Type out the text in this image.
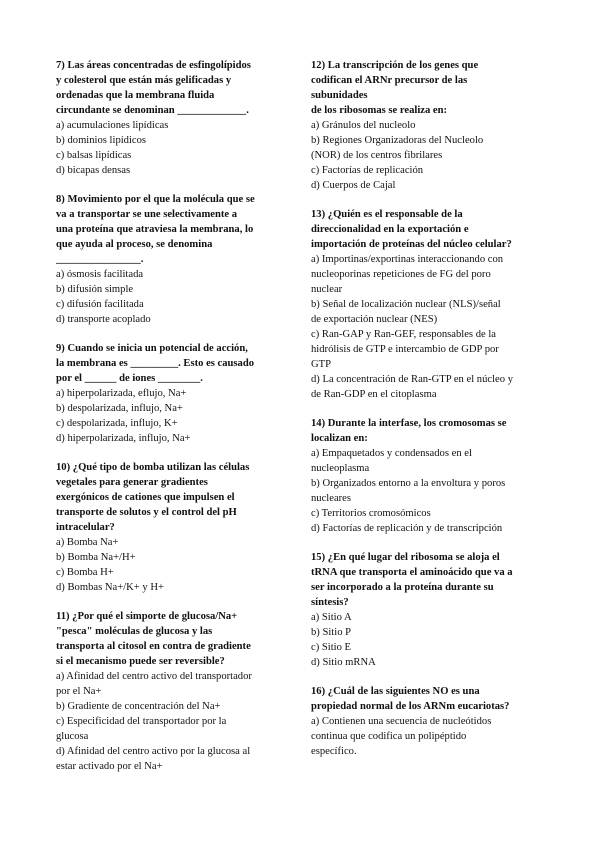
7) Las áreas concentradas de esfingolípidos
y colesterol que están más gelificadas y
ordenadas que la membrana fluida
circundante se denominan _____________.

a) acumulaciones lipídicas

b) dominios lipídicos

c) balsas lipídicas

d) bicapas densas

8) Movimiento por el que la molécula que se
va a transportar se une selectivamente a
una proteína que atraviesa la membrana, lo
que ayuda al proceso, se denomina
________________.

a) ósmosis facilitada

b) difusión simple

c) difusión facilitada

d) transporte acoplado

9) Cuando se inicia un potencial de acción,
la membrana es _________. Esto es causado
por el ______ de iones ________.

a) hiperpolarizada, eflujo, Na+

b) despolarizada, influjo, Na+

c) despolarizada, influjo, K+

d) hiperpolarizada, influjo, Na+

10) ¿Qué tipo de bomba utilizan las células
vegetales para generar gradientes
exergónicos de cationes que impulsen el
transporte de solutos y el control del pH
intracelular?

a) Bomba Na+

b) Bomba Na+/H+

c) Bomba H+

d) Bombas Na+/K+ y H+

11) ¿Por qué el simporte de glucosa/Na+
"pesca" moléculas de glucosa y las
transporta al citosol en contra de gradiente
si el mecanismo puede ser reversible?

a) Afinidad del centro activo del transportador
por el Na+

b) Gradiente de concentración del Na+

c) Especificidad del transportador por la
glucosa

d) Afinidad del centro activo por la glucosa al
estar activado por el Na+

12) La transcripción de los genes que
codifican el ARNr precursor de las
subunidades
de los ribosomas se realiza en:

a) Gránulos del nucleolo

b) Regiones Organizadoras del Nucleolo
(NOR) de los centros fibrilares

c) Factorías de replicación

d) Cuerpos de Cajal

13) ¿Quién es el responsable de la
direccionalidad en la exportación e
importación de proteínas del núcleo celular?

a) Importinas/exportinas interaccionando con
nucleoporinas repeticiones de FG del poro
nuclear

b) Señal de localización nuclear (NLS)/señal
de exportación nuclear (NES)

c) Ran-GAP y Ran-GEF, responsables de la
hidrólisis de GTP e intercambio de GDP por
GTP

d) La concentración de Ran-GTP en el núcleo y
de Ran-GDP en el citoplasma

14) Durante la interfase, los cromosomas se
localizan en:

a) Empaquetados y condensados en el
nucleoplasma

b) Organizados entorno a la envoltura y poros
nucleares

c) Territorios cromosómicos

d) Factorías de replicación y de transcripción

15) ¿En qué lugar del ribosoma se aloja el
tRNA que transporta el aminoácido que va a
ser incorporado a la proteína durante su
síntesis?

a) Sitio A

b) Sitio P

c) Sitio E

d) Sitio mRNA

16) ¿Cuál de las siguientes NO es una
propiedad normal de los ARNm eucariotas?

a) Contienen una secuencia de nucleótidos
continua que codifica un polipéptido
específico.
